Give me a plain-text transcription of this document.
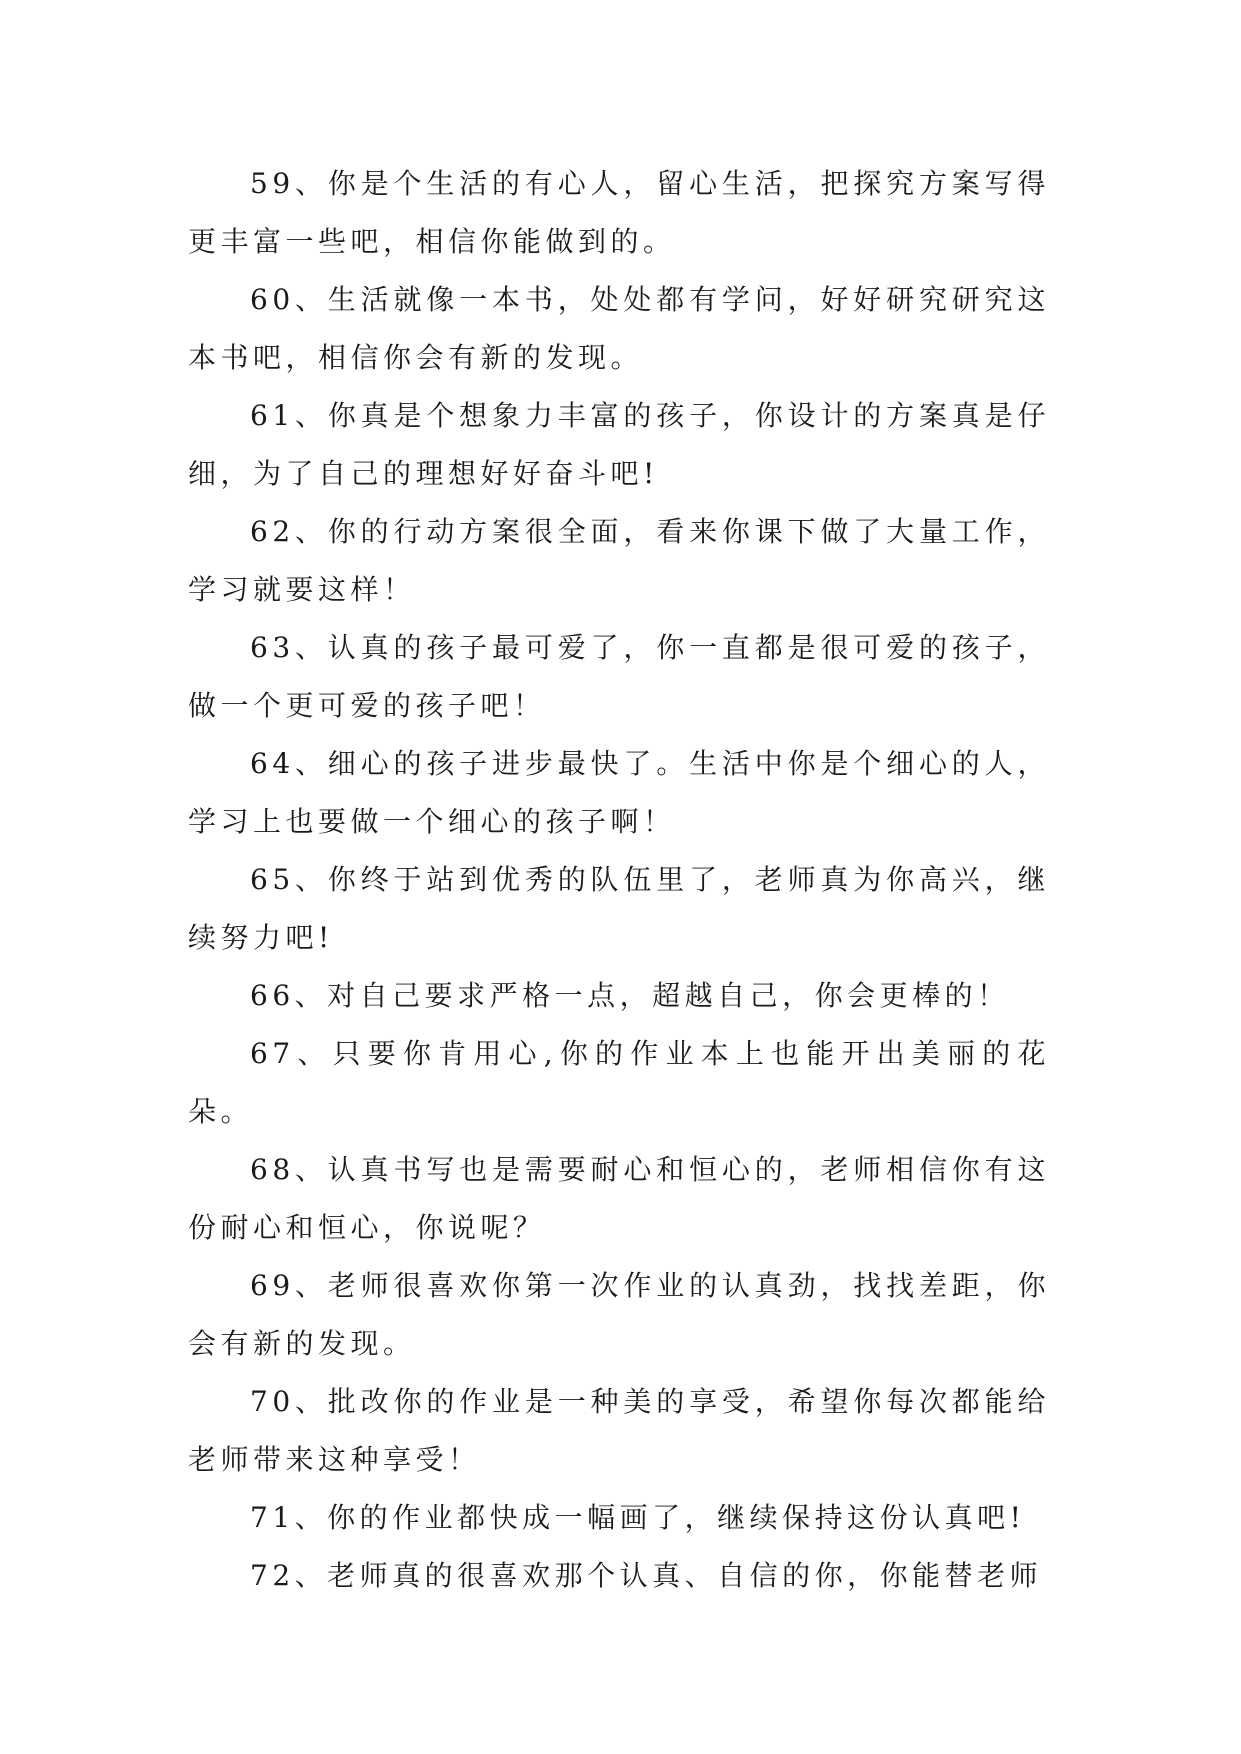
59、你是个生活的有心人，留心生活，把探究方案写得更丰富一些吧，相信你能做到的。

60、生活就像一本书，处处都有学问，好好研究研究这本书吧，相信你会有新的发现。

61、你真是个想象力丰富的孩子，你设计的方案真是仔细，为了自己的理想好好奋斗吧!

62、你的行动方案很全面，看来你课下做了大量工作，学习就要这样！

63、认真的孩子最可爱了，你一直都是很可爱的孩子，做一个更可爱的孩子吧！

64、细心的孩子进步最快了。生活中你是个细心的人，学习上也要做一个细心的孩子啊！

65、你终于站到优秀的队伍里了，老师真为你高兴，继续努力吧!

66、对自己要求严格一点，超越自己，你会更棒的！

67、只要你肯用心,你的作业本上也能开出美丽的花朵。

68、认真书写也是需要耐心和恒心的，老师相信你有这份耐心和恒心，你说呢？

69、老师很喜欢你第一次作业的认真劲，找找差距，你会有新的发现。

70、批改你的作业是一种美的享受，希望你每次都能给老师带来这种享受！

71、你的作业都快成一幅画了，继续保持这份认真吧!

72、老师真的很喜欢那个认真、自信的你，你能替老师
